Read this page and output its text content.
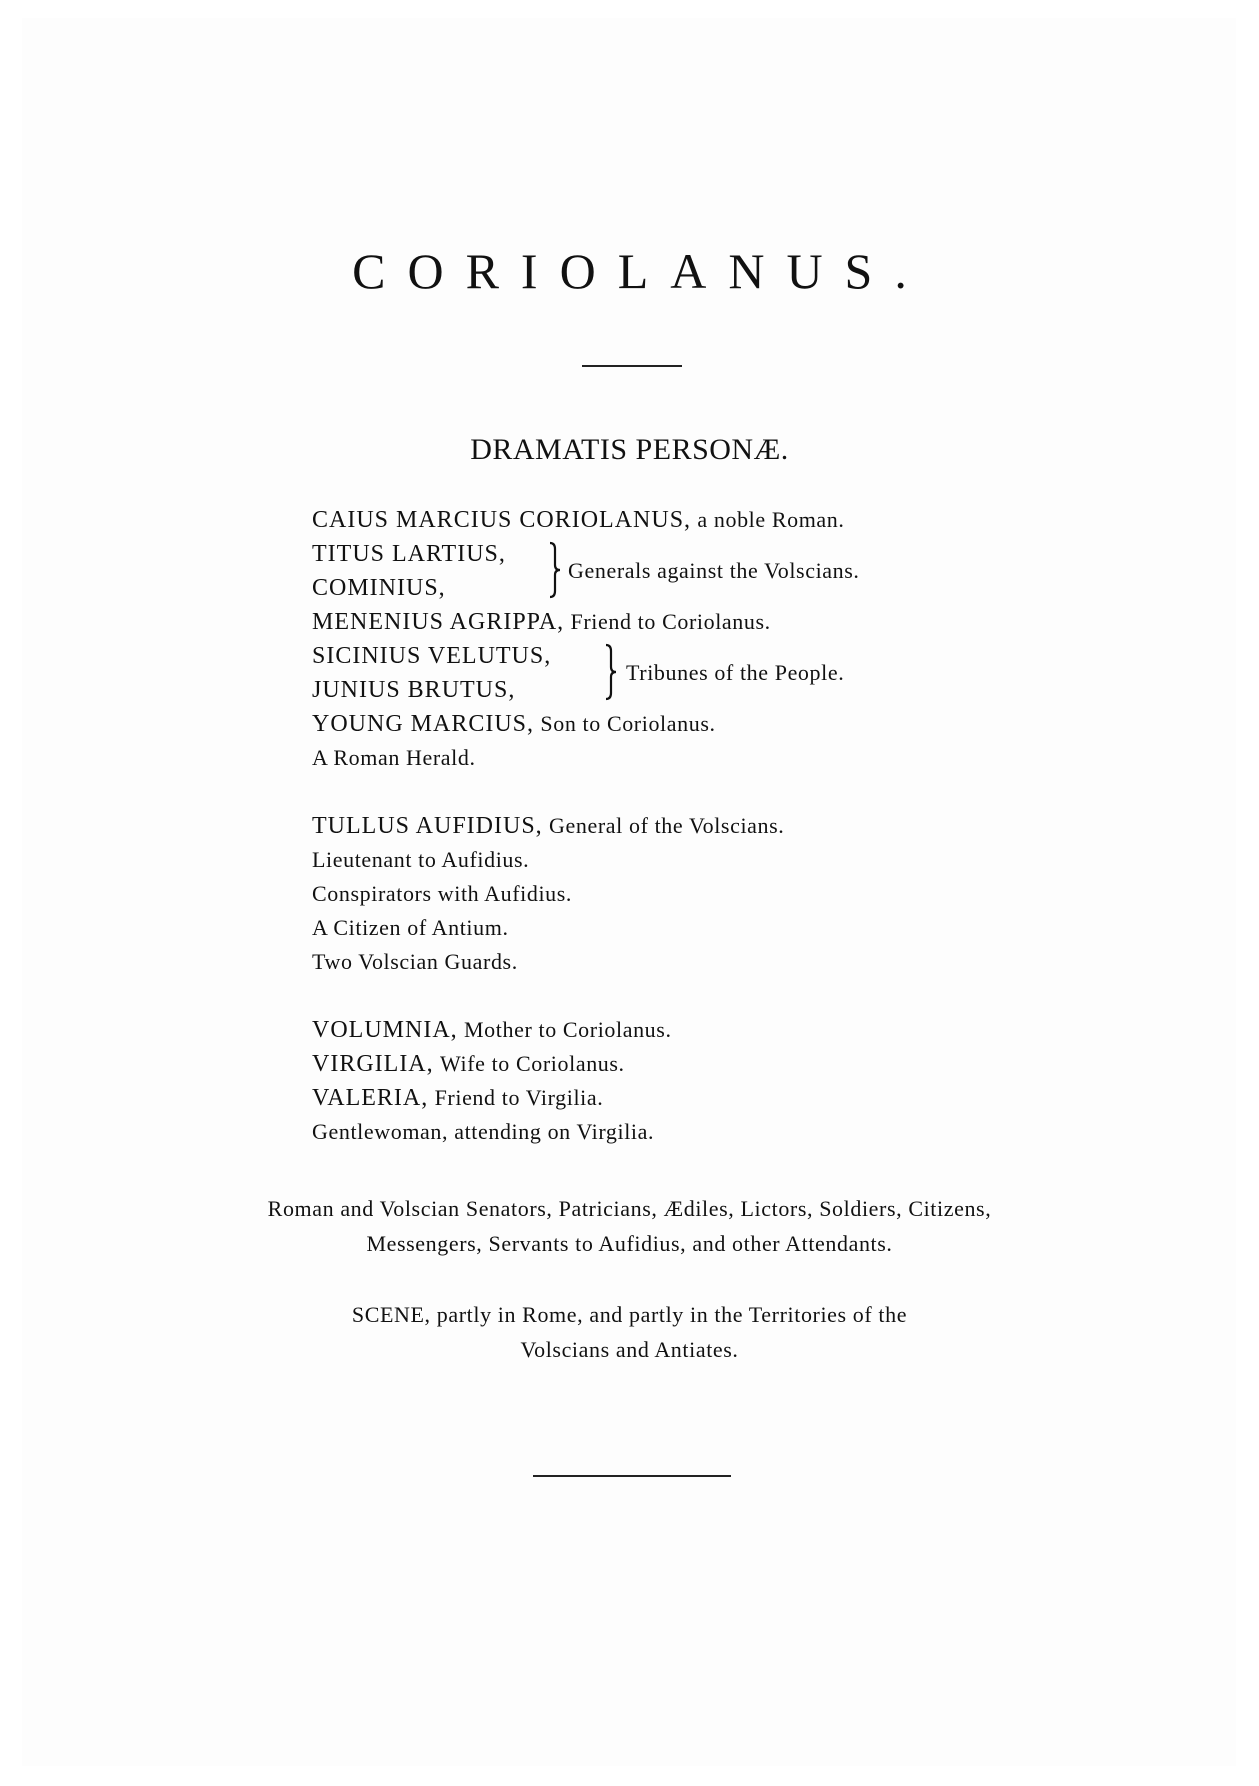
CORIOLANUS.
DRAMATIS PERSONÆ.
CAIUS MARCIUS CORIOLANUS, a noble Roman.
TITUS LARTIUS,
COMINIUS,
Generals against the Volscians.
MENENIUS AGRIPPA, Friend to Coriolanus.
SICINIUS VELUTUS,
JUNIUS BRUTUS,
Tribunes of the People.
YOUNG MARCIUS, Son to Coriolanus.
A Roman Herald.
TULLUS AUFIDIUS, General of the Volscians.
Lieutenant to Aufidius.
Conspirators with Aufidius.
A Citizen of Antium.
Two Volscian Guards.
VOLUMNIA, Mother to Coriolanus.
VIRGILIA, Wife to Coriolanus.
VALERIA, Friend to Virgilia.
Gentlewoman, attending on Virgilia.
Roman and Volscian Senators, Patricians, Ædiles, Lictors, Soldiers, Citizens,
Messengers, Servants to Aufidius, and other Attendants.
SCENE, partly in Rome, and partly in the Territories of the
Volscians and Antiates.
